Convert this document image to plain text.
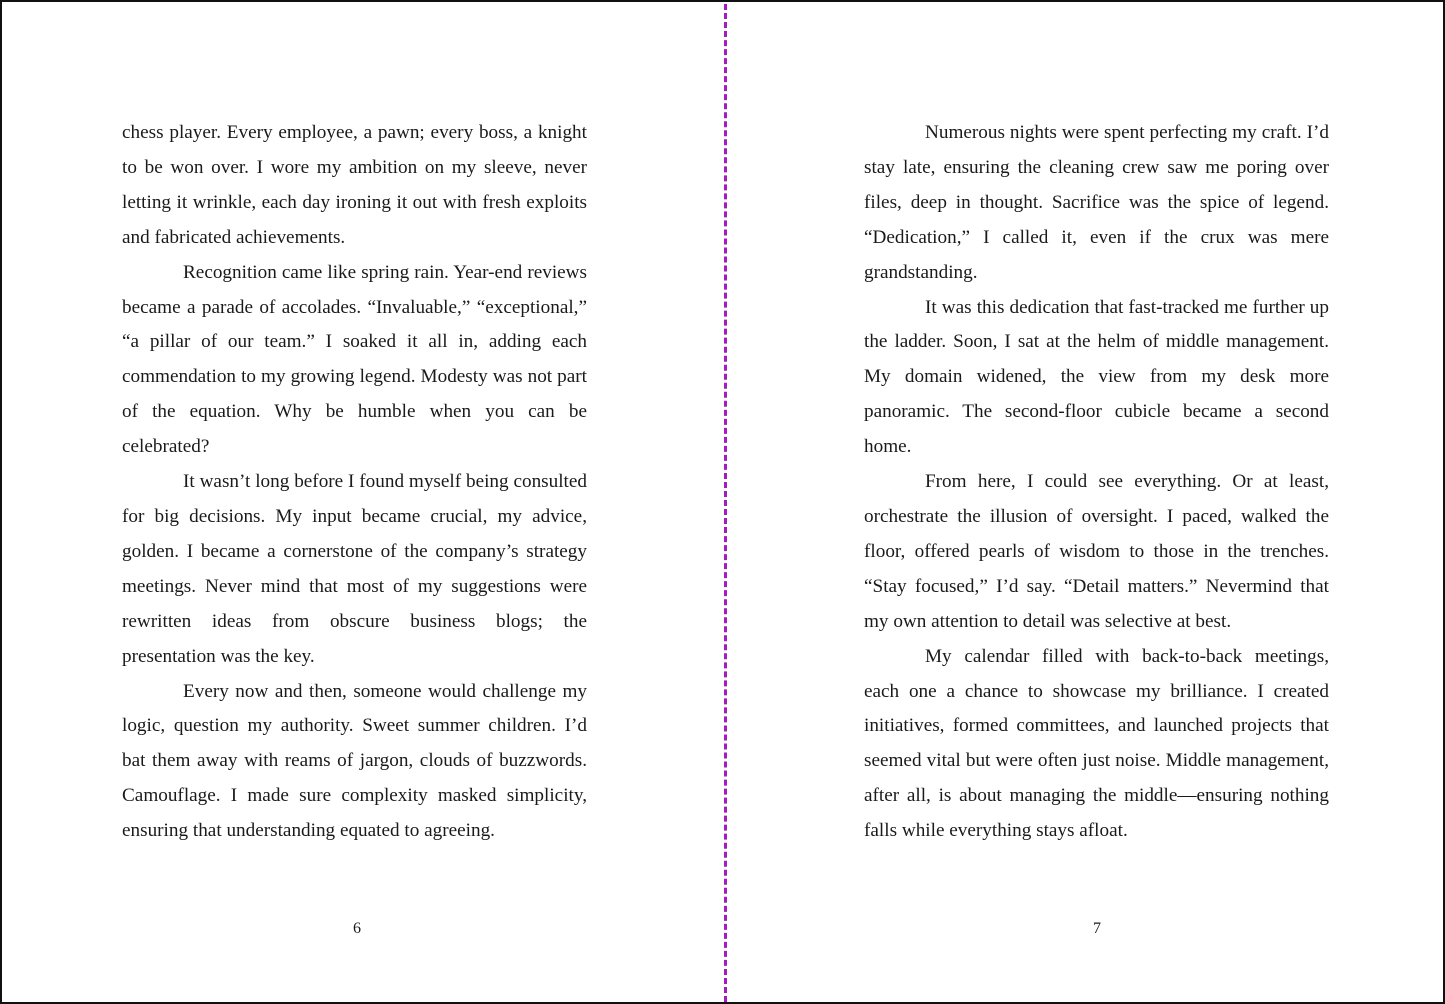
chess player. Every employee, a pawn; every boss, a knight to be won over. I wore my ambition on my sleeve, never letting it wrinkle, each day ironing it out with fresh exploits and fabricated achievements.

Recognition came like spring rain. Year-end reviews became a parade of accolades. “Invaluable,” “exceptional,” “a pillar of our team.” I soaked it all in, adding each commendation to my growing legend. Modesty was not part of the equation. Why be humble when you can be celebrated?

It wasn’t long before I found myself being consulted for big decisions. My input became crucial, my advice, golden. I became a cornerstone of the company’s strategy meetings. Never mind that most of my suggestions were rewritten ideas from obscure business blogs; the presentation was the key.

Every now and then, someone would challenge my logic, question my authority. Sweet summer children. I’d bat them away with reams of jargon, clouds of buzzwords. Camouflage. I made sure complexity masked simplicity, ensuring that understanding equated to agreeing.

6

Numerous nights were spent perfecting my craft. I’d stay late, ensuring the cleaning crew saw me poring over files, deep in thought. Sacrifice was the spice of legend. “Dedication,” I called it, even if the crux was mere grandstanding.

It was this dedication that fast-tracked me further up the ladder. Soon, I sat at the helm of middle management. My domain widened, the view from my desk more panoramic. The second-floor cubicle became a second home.

From here, I could see everything. Or at least, orchestrate the illusion of oversight. I paced, walked the floor, offered pearls of wisdom to those in the trenches. “Stay focused,” I’d say. “Detail matters.” Nevermind that my own attention to detail was selective at best.

My calendar filled with back-to-back meetings, each one a chance to showcase my brilliance. I created initiatives, formed committees, and launched projects that seemed vital but were often just noise. Middle management, after all, is about managing the middle—ensuring nothing falls while everything stays afloat.

7
